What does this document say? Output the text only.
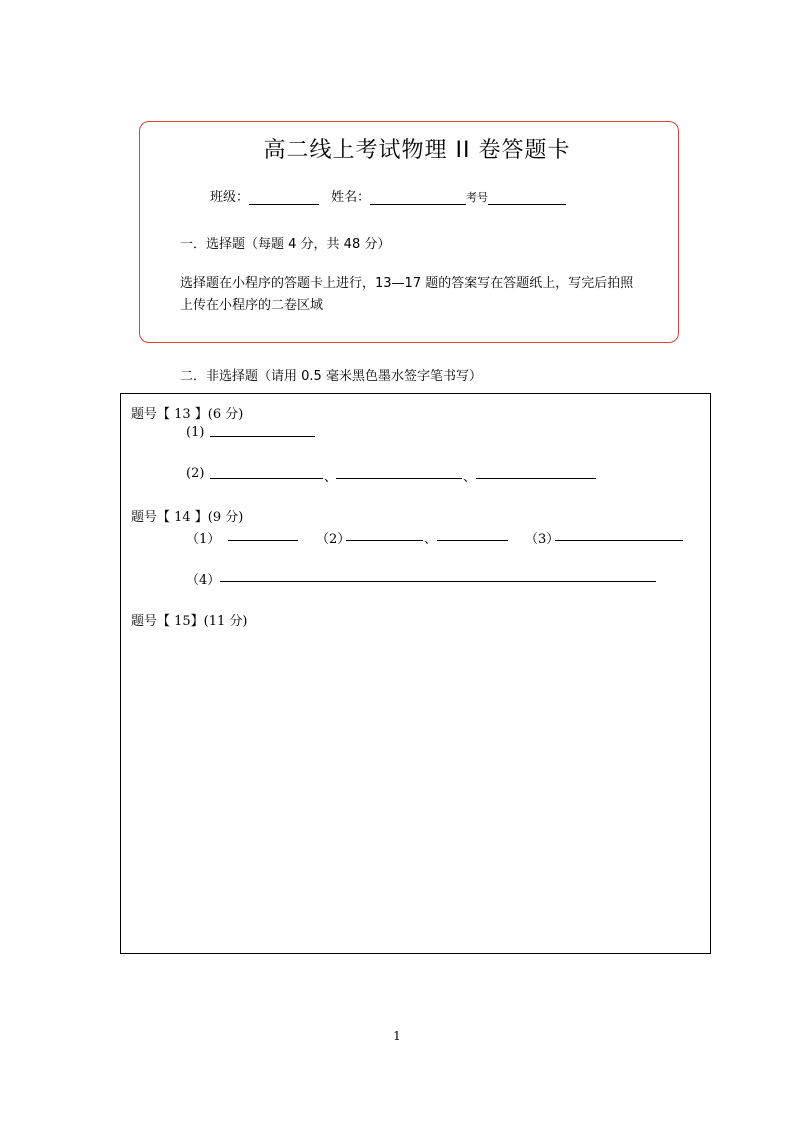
高二线上考试物理 II 卷答题卡
班级：	姓名：	考号
一．选择题（每题 4 分，共 48 分）
选择题在小程序的答题卡上进行，13—17 题的答案写在答题纸上，写完后拍照
上传在小程序的二卷区域
二．非选择题（请用 0.5 毫米黑色墨水签字笔书写）
题号【 13 】(6 分)
(1)
(2)	、	、
题号【 14 】(9 分)
（1）	（2）	、	（3）
（4）
题号【 15】(11 分)
1
